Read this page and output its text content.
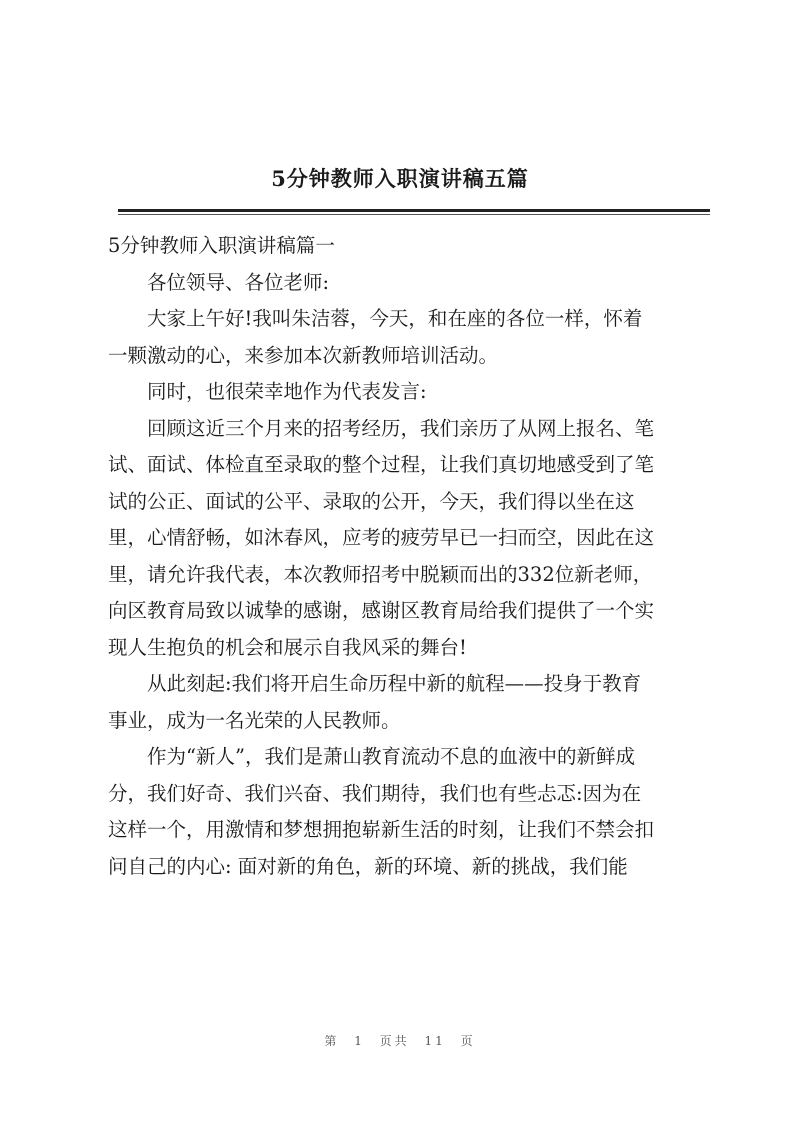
5分钟教师入职演讲稿五篇
5分钟教师入职演讲稿篇一
各位领导、各位老师:
大家上午好!我叫朱洁蓉，今天，和在座的各位一样，怀着
一颗激动的心，来参加本次新教师培训活动。
同时，也很荣幸地作为代表发言:
回顾这近三个月来的招考经历，我们亲历了从网上报名、笔
试、面试、体检直至录取的整个过程，让我们真切地感受到了笔
试的公正、面试的公平、录取的公开，今天，我们得以坐在这
里，心情舒畅，如沐春风，应考的疲劳早已一扫而空，因此在这
里，请允许我代表，本次教师招考中脱颖而出的332位新老师，
向区教育局致以诚挚的感谢，感谢区教育局给我们提供了一个实
现人生抱负的机会和展示自我风采的舞台!
从此刻起:我们将开启生命历程中新的航程——投身于教育
事业，成为一名光荣的人民教师。
作为“新人”，我们是萧山教育流动不息的血液中的新鲜成
分，我们好奇、我们兴奋、我们期待，我们也有些忐忑:因为在
这样一个，用激情和梦想拥抱崭新生活的时刻，让我们不禁会扣
问自己的内心: 面对新的角色，新的环境、新的挑战，我们能
第 1 页共 11 页
